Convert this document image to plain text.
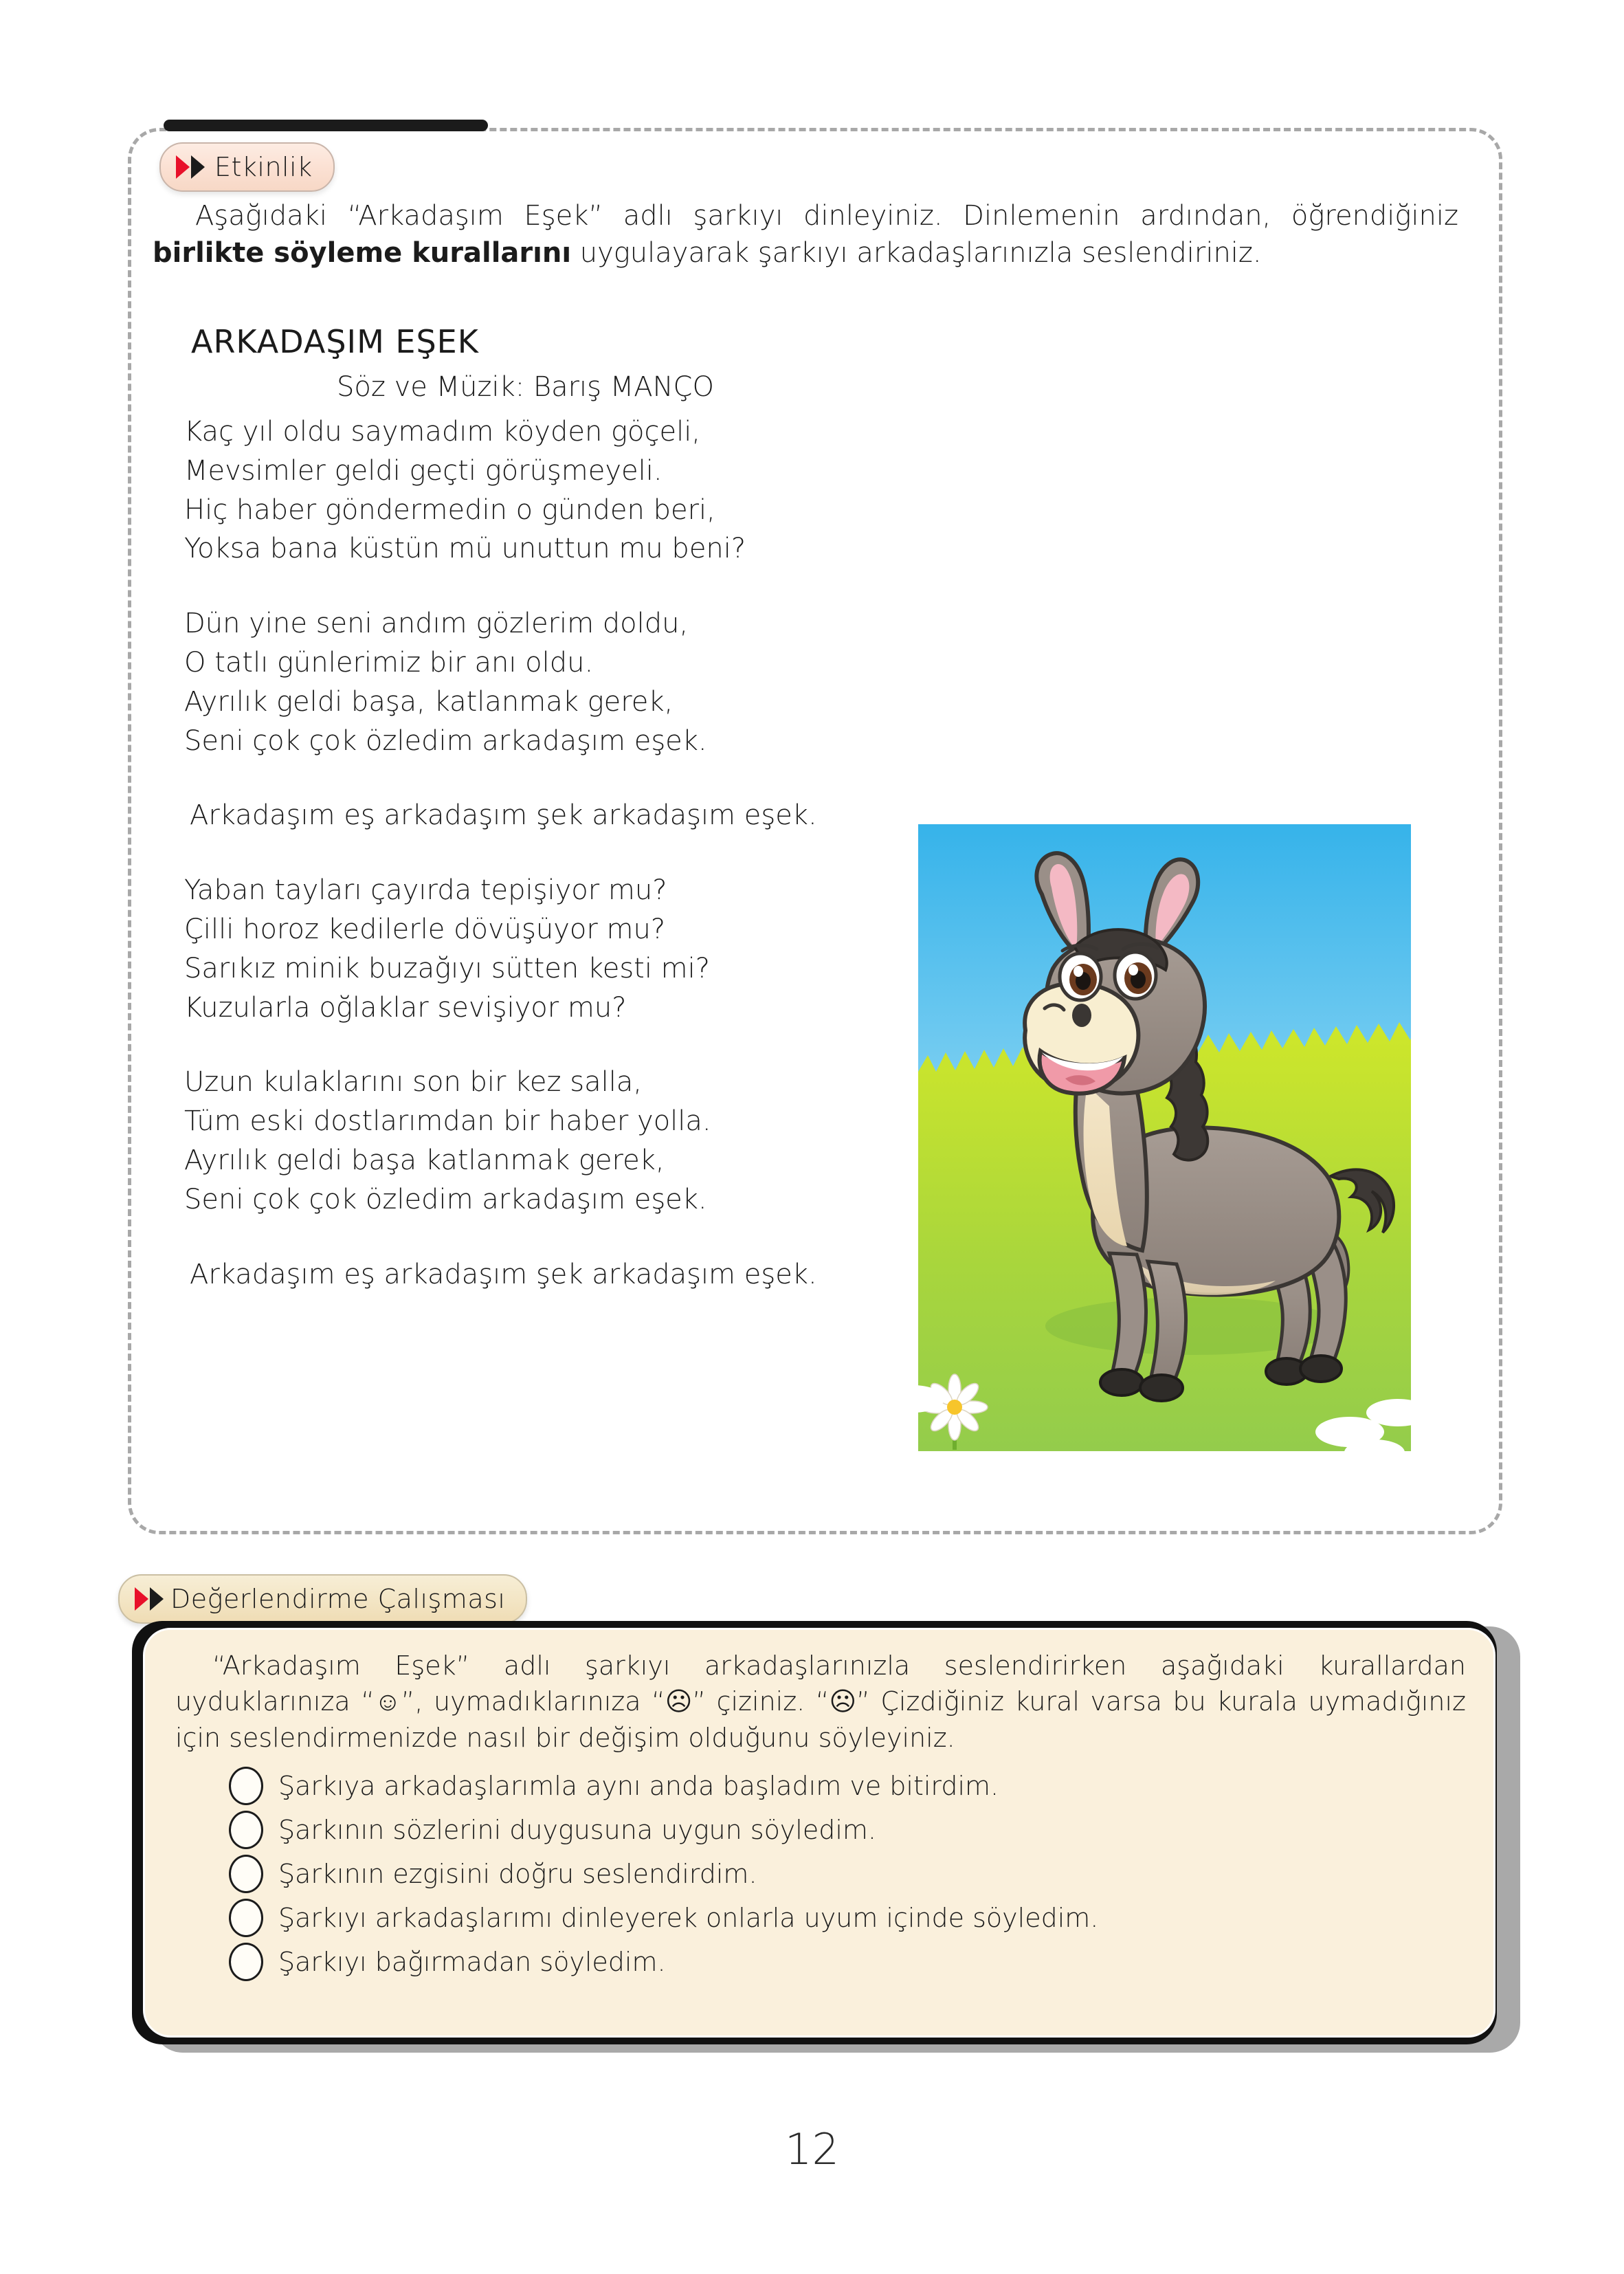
Etkinlik
Aşağıdaki “Arkadaşım Eşek” adlı şarkıyı dinleyiniz. Dinlemenin ardından, öğrendiğiniz birlikte söyleme kurallarını uygulayarak şarkıyı arkadaşlarınızla seslendiriniz.
ARKADAŞIM EŞEK
Söz ve Müzik: Barış MANÇO
Kaç yıl oldu saymadım köyden göçeli,
Mevsimler geldi geçti görüşmeyeli.
Hiç haber göndermedin o günden beri,
Yoksa bana küstün mü unuttun mu beni?
Dün yine seni andım gözlerim doldu,
O tatlı günlerimiz bir anı oldu.
Ayrılık geldi başa, katlanmak gerek,
Seni çok çok özledim arkadaşım eşek.
Arkadaşım eş arkadaşım şek arkadaşım eşek.
Yaban tayları çayırda tepişiyor mu?
Çilli horoz kedilerle dövüşüyor mu?
Sarıkız minik buzağıyı sütten kesti mi?
Kuzularla oğlaklar sevişiyor mu?
Uzun kulaklarını son bir kez salla,
Tüm eski dostlarımdan bir haber yolla.
Ayrılık geldi başa katlanmak gerek,
Seni çok çok özledim arkadaşım eşek.
Arkadaşım eş arkadaşım şek arkadaşım eşek.
Değerlendirme Çalışması
“Arkadaşım Eşek” adlı şarkıyı arkadaşlarınızla seslendirirken aşağıdaki kurallardan uyduklarınıza “☺”, uymadıklarınıza “☹” çiziniz. “☹” Çizdiğiniz kural varsa bu kurala uymadığınız için seslendirmenizde nasıl bir değişim olduğunu söyleyiniz.
Şarkıya arkadaşlarımla aynı anda başladım ve bitirdim.
Şarkının sözlerini duygusuna uygun söyledim.
Şarkının ezgisini doğru seslendirdim.
Şarkıyı arkadaşlarımı dinleyerek onlarla uyum içinde söyledim.
Şarkıyı bağırmadan söyledim.
12
